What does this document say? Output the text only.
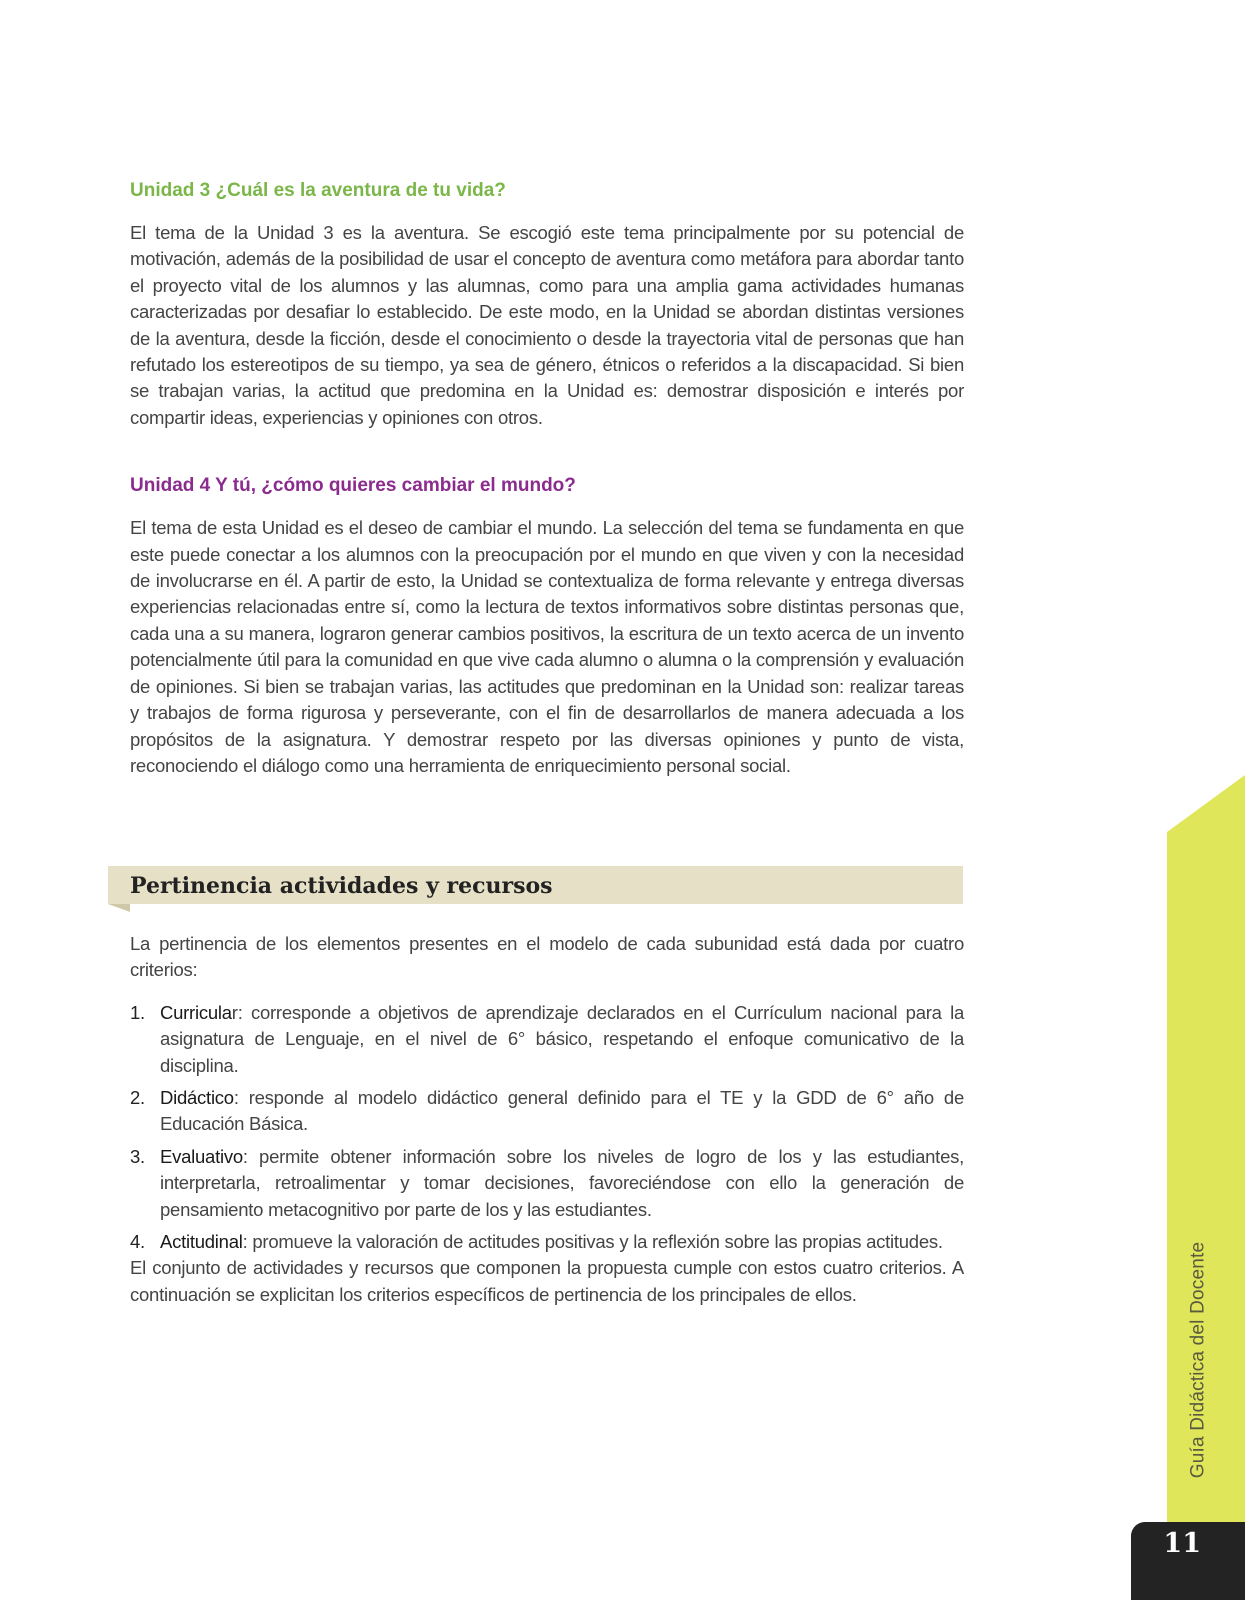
Guía Didáctica del Docente
11
Unidad 3 ¿Cuál es la aventura de tu vida?

El tema de la Unidad 3 es la aventura. Se escogió este tema principalmente por su potencial de motivación, además de la posibilidad de usar el concepto de aventura como metáfora para abordar tanto el proyecto vital de los alumnos y las alumnas, como para una amplia gama actividades humanas caracterizadas por desafiar lo establecido. De este modo, en la Unidad se abordan distintas versiones de la aventura, desde la ficción, desde el conocimiento o desde la trayectoria vital de personas que han refutado los estereotipos de su tiempo, ya sea de género, étnicos o referidos a la discapacidad. Si bien se trabajan varias, la actitud que predomina en la Unidad es: demostrar disposición e interés por compartir ideas, experiencias y opiniones con otros.

Unidad 4 Y tú, ¿cómo quieres cambiar el mundo?

El tema de esta Unidad es el deseo de cambiar el mundo. La selección del tema se fundamenta en que este puede conectar a los alumnos con la preocupación por el mundo en que viven y con la necesidad de involucrarse en él. A partir de esto, la Unidad se contextualiza de forma relevante y entrega diversas experiencias relacionadas entre sí, como la lectura de textos informativos sobre distintas personas que, cada una a su manera, lograron generar cambios positivos, la escritura de un texto acerca de un invento potencialmente útil para la comunidad en que vive cada alumno o alumna o la comprensión y evaluación de opiniones. Si bien se trabajan varias, las actitudes que predominan en la Unidad son: realizar tareas y trabajos de forma rigurosa y perseverante, con el fin de desarrollarlos de manera adecuada a los propósitos de la asignatura. Y demostrar respeto por las diversas opiniones y punto de vista, reconociendo el diálogo como una herramienta de enriquecimiento personal social.

Pertinencia actividades y recursos

La pertinencia de los elementos presentes en el modelo de cada subunidad está dada por cuatro criterios:

1. Curricular: corresponde a objetivos de aprendizaje declarados en el Currículum nacional para la asignatura de Lenguaje, en el nivel de 6° básico, respetando el enfoque comunicativo de la disciplina.
2. Didáctico: responde al modelo didáctico general definido para el TE y la GDD de 6° año de Educación Básica.
3. Evaluativo: permite obtener información sobre los niveles de logro de los y las estudiantes, interpretarla, retroalimentar y tomar decisiones, favoreciéndose con ello la generación de pensamiento metacognitivo por parte de los y las estudiantes.
4. Actitudinal: promueve la valoración de actitudes positivas y la reflexión sobre las propias actitudes.

El conjunto de actividades y recursos que componen la propuesta cumple con estos cuatro criterios. A continuación se explicitan los criterios específicos de pertinencia de los principales de ellos.
